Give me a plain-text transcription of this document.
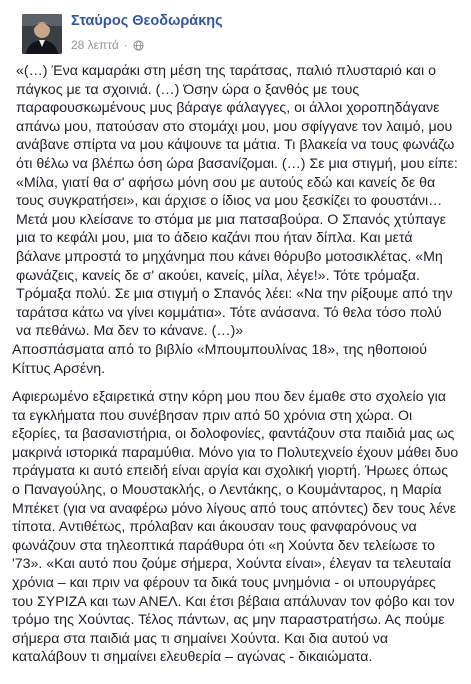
Σταύρος Θεοδωράκης
28 λεπτά ·

«(…) Ένα καμαράκι στη μέση της ταράτσας, παλιό πλυσταριό και ο πάγκος με τα σχοινιά. (…) Όσην ώρα ο ξανθός με τους παραφουσκωμένους μυς βάραγε φάλαγγες, οι άλλοι χοροπηδάγανε απάνω μου, πατούσαν στο στομάχι μου, μου σφίγγανε τον λαιμό, μου ανάβανε σπίρτα να μου κάψουνε τα μάτια. Τι βλακεία να τους φωνάζω ότι θέλω να βλέπω όση ώρα βασανίζομαι. (…) Σε μια στιγμή, μου είπε: «Μίλα, γιατί θα σ' αφήσω μόνη σου με αυτούς εδώ και κανείς δε θα τους συγκρατήσει», και άρχισε ο ίδιος να μου ξεσκίζει το φουστάνι… Μετά μου κλείσανε το στόμα με μια πατσαβούρα. Ο Σπανός χτύπαγε μια το κεφάλι μου, μια το άδειο καζάνι που ήταν δίπλα. Και μετά βάλανε μπροστά το μηχάνημα που κάνει θόρυβο μοτοσικλέτας. «Μη φωνάζεις, κανείς δε σ' ακούει, κανείς, μίλα, λέγε!». Τότε τρόμαξα. Τρόμαξα πολύ. Σε μια στιγμή ο Σπανός λέει: «Να την ρίξουμε από την ταράτσα κάτω να γίνει κομμάτια». Τότε ανάσανα. Τό θελα τόσο πολύ να πεθάνω. Μα δεν το κάνανε. (…)»

Αποσπάσματα από το βιβλίο «Μπουμπουλίνας 18», της ηθοποιού Κίττυς Αρσένη.

Αφιερωμένο εξαιρετικά στην κόρη μου που δεν έμαθε στο σχολείο για τα εγκλήματα που συνέβησαν πριν από 50 χρόνια στη χώρα. Οι εξορίες, τα βασανιστήρια, οι δολοφονίες, φαντάζουν στα παιδιά μας ως μακρινά ιστορικά παραμύθια. Μόνο για το Πολυτεχνείο έχουν μάθει δυο πράγματα κι αυτό επειδή είναι αργία και σχολική γιορτή. Ήρωες όπως ο Παναγούλης, ο Μουστακλής, ο Λεντάκης, ο Κουμάνταρος, η Μαρία Μπέκετ (για να αναφέρω μόνο λίγους από τους απόντες) δεν τους λένε τίποτα. Αντιθέτως, πρόλαβαν και άκουσαν τους φανφαρόνους να φωνάζουν στα τηλεοπτικά παράθυρα ότι «η Χούντα δεν τελείωσε το '73». «Και αυτό που ζούμε σήμερα, Χούντα είναι», έλεγαν τα τελευταία χρόνια – και πριν να φέρουν τα δικά τους μνημόνια - οι υπουργάρες του ΣΥΡΙΖΑ και των ΑΝΕΛ. Και έτσι βέβαια απάλυναν τον φόβο και τον τρόμο της Χούντας. Τέλος πάντων, ας μην παραστρατήσω. Ας πούμε σήμερα στα παιδιά μας τι σημαίνει Χούντα. Και δια αυτού να καταλάβουν τι σημαίνει ελευθερία – αγώνας - δικαιώματα.
